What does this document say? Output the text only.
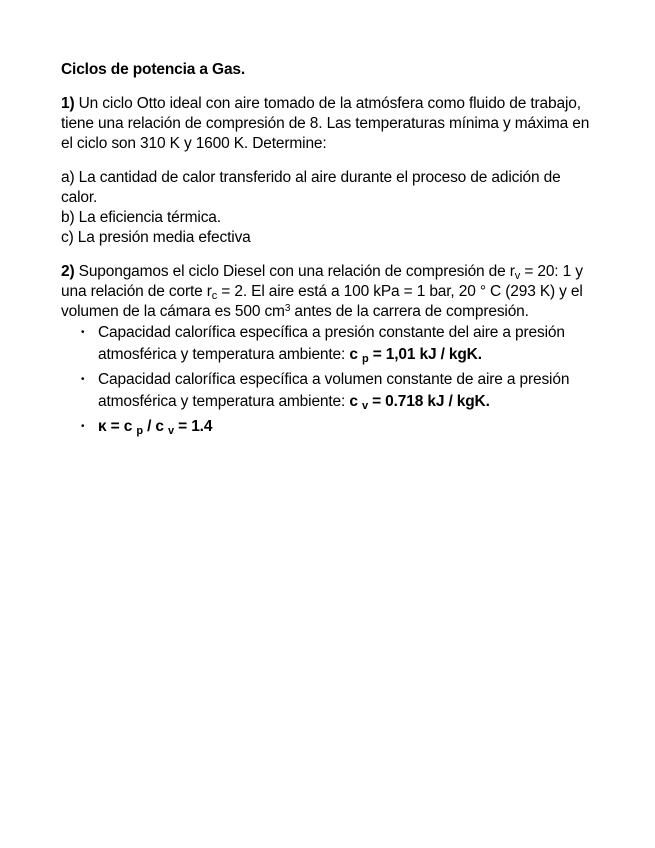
Ciclos de potencia a Gas.
1) Un ciclo Otto ideal con aire tomado de la atmósfera como fluido de trabajo, tiene una relación de compresión de 8. Las temperaturas mínima y máxima en el ciclo son 310 K y 1600 K. Determine:
a) La cantidad de calor transferido al aire durante el proceso de adición de calor.
b) La eficiencia térmica.
c) La presión media efectiva
2) Supongamos el ciclo Diesel con una relación de compresión de $r_v = 20$: 1 y una relación de corte $r_c = 2$. El aire está a 100 kPa = 1 bar, 20 ° C (293 K) y el volumen de la cámara es 500 $cm^3$ antes de la carrera de compresión.
• Capacidad calorífica específica a presión constante del aire a presión atmosférica y temperatura ambiente: c $_p$ = 1,01 kJ / kgK.
• Capacidad calorífica específica a volumen constante de aire a presión atmosférica y temperatura ambiente: c $_v$ = 0.718 kJ / kgK.
• κ = c $_p$ / c $_v$ = 1.4
